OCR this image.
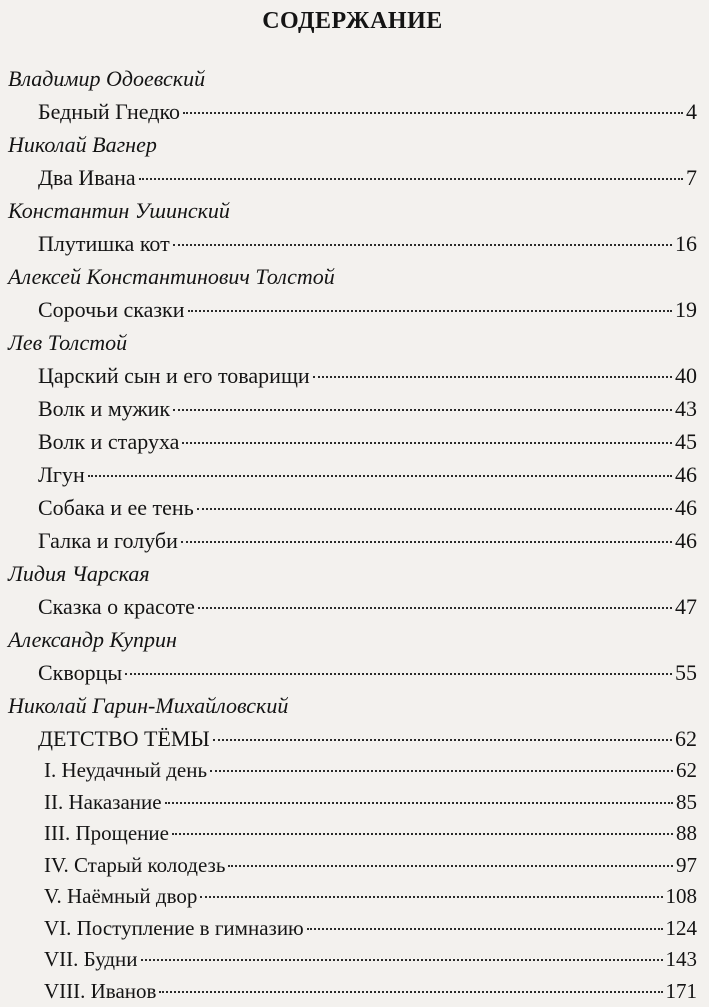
СОДЕРЖАНИЕ
Владимир Одоевский
Бедный Гнедко	4
Николай Вагнер
Два Ивана	7
Константин Ушинский
Плутишка кот	16
Алексей Константинович Толстой
Сорочьи сказки	19
Лев Толстой
Царский сын и его товарищи	40
Волк и мужик	43
Волк и старуха	45
Лгун	46
Собака и ее тень	46
Галка и голуби	46
Лидия Чарская
Сказка о красоте	47
Александр Куприн
Скворцы	55
Николай Гарин-Михайловский
ДЕТСТВО ТЁМЫ	62
I. Неудачный день	62
II. Наказание	85
III. Прощение	88
IV. Старый колодезь	97
V. Наёмный двор	108
VI. Поступление в гимназию	124
VII. Будни	143
VIII. Иванов	171
